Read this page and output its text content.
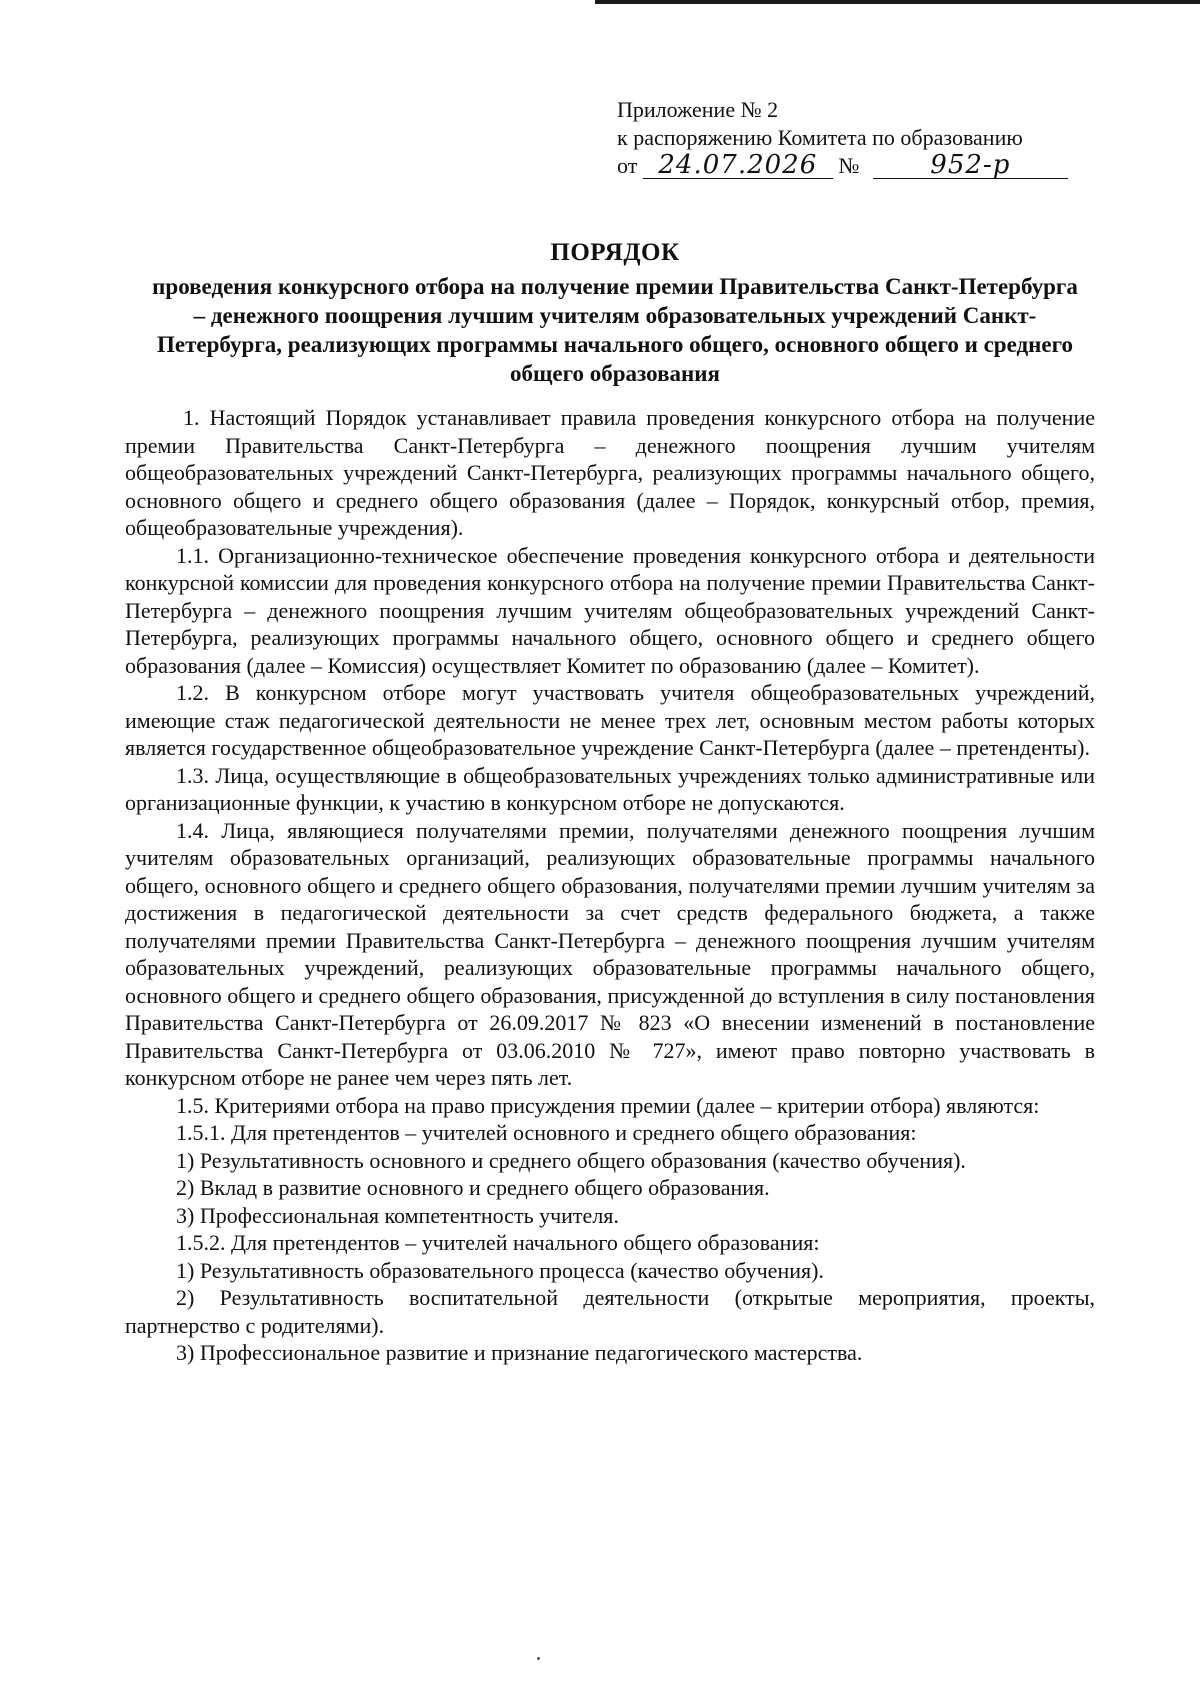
Приложение № 2
к распоряжению Комитета по образованию
от 24.07.2026 №	952-р
ПОРЯДОК
проведения конкурсного отбора на получение премии Правительства Санкт-Петербурга – денежного поощрения лучшим учителям образовательных учреждений Санкт-Петербурга, реализующих программы начального общего, основного общего и среднего общего образования

1. Настоящий Порядок устанавливает правила проведения конкурсного отбора на получение премии Правительства Санкт-Петербурга – денежного поощрения лучшим учителям общеобразовательных учреждений Санкт-Петербурга, реализующих программы начального общего, основного общего и среднего общего образования (далее – Порядок, конкурсный отбор, премия, общеобразовательные учреждения).

1.1. Организационно-техническое обеспечение проведения конкурсного отбора и деятельности конкурсной комиссии для проведения конкурсного отбора на получение премии Правительства Санкт-Петербурга – денежного поощрения лучшим учителям общеобразовательных учреждений Санкт-Петербурга, реализующих программы начального общего, основного общего и среднего общего образования (далее – Комиссия) осуществляет Комитет по образованию (далее – Комитет).

1.2. В конкурсном отборе могут участвовать учителя общеобразовательных учреждений, имеющие стаж педагогической деятельности не менее трех лет, основным местом работы которых является государственное общеобразовательное учреждение Санкт-Петербурга (далее – претенденты).

1.3. Лица, осуществляющие в общеобразовательных учреждениях только административные или организационные функции, к участию в конкурсном отборе не допускаются.

1.4. Лица, являющиеся получателями премии, получателями денежного поощрения лучшим учителям образовательных организаций, реализующих образовательные программы начального общего, основного общего и среднего общего образования, получателями премии лучшим учителям за достижения в педагогической деятельности за счет средств федерального бюджета, а также получателями премии Правительства Санкт-Петербурга – денежного поощрения лучшим учителям образовательных учреждений, реализующих образовательные программы начального общего, основного общего и среднего общего образования, присужденной до вступления в силу постановления Правительства Санкт-Петербурга от 26.09.2017 № 823 «О внесении изменений в постановление Правительства Санкт-Петербурга от 03.06.2010 № 727», имеют право повторно участвовать в конкурсном отборе не ранее чем через пять лет.

1.5. Критериями отбора на право присуждения премии (далее – критерии отбора) являются:

1.5.1. Для претендентов – учителей основного и среднего общего образования:

1) Результативность основного и среднего общего образования (качество обучения).

2) Вклад в развитие основного и среднего общего образования.

3) Профессиональная компетентность учителя.

1.5.2. Для претендентов – учителей начального общего образования:

1) Результативность образовательного процесса (качество обучения).

2) Результативность воспитательной деятельности (открытые мероприятия, проекты, партнерство с родителями).

3) Профессиональное развитие и признание педагогического мастерства.
